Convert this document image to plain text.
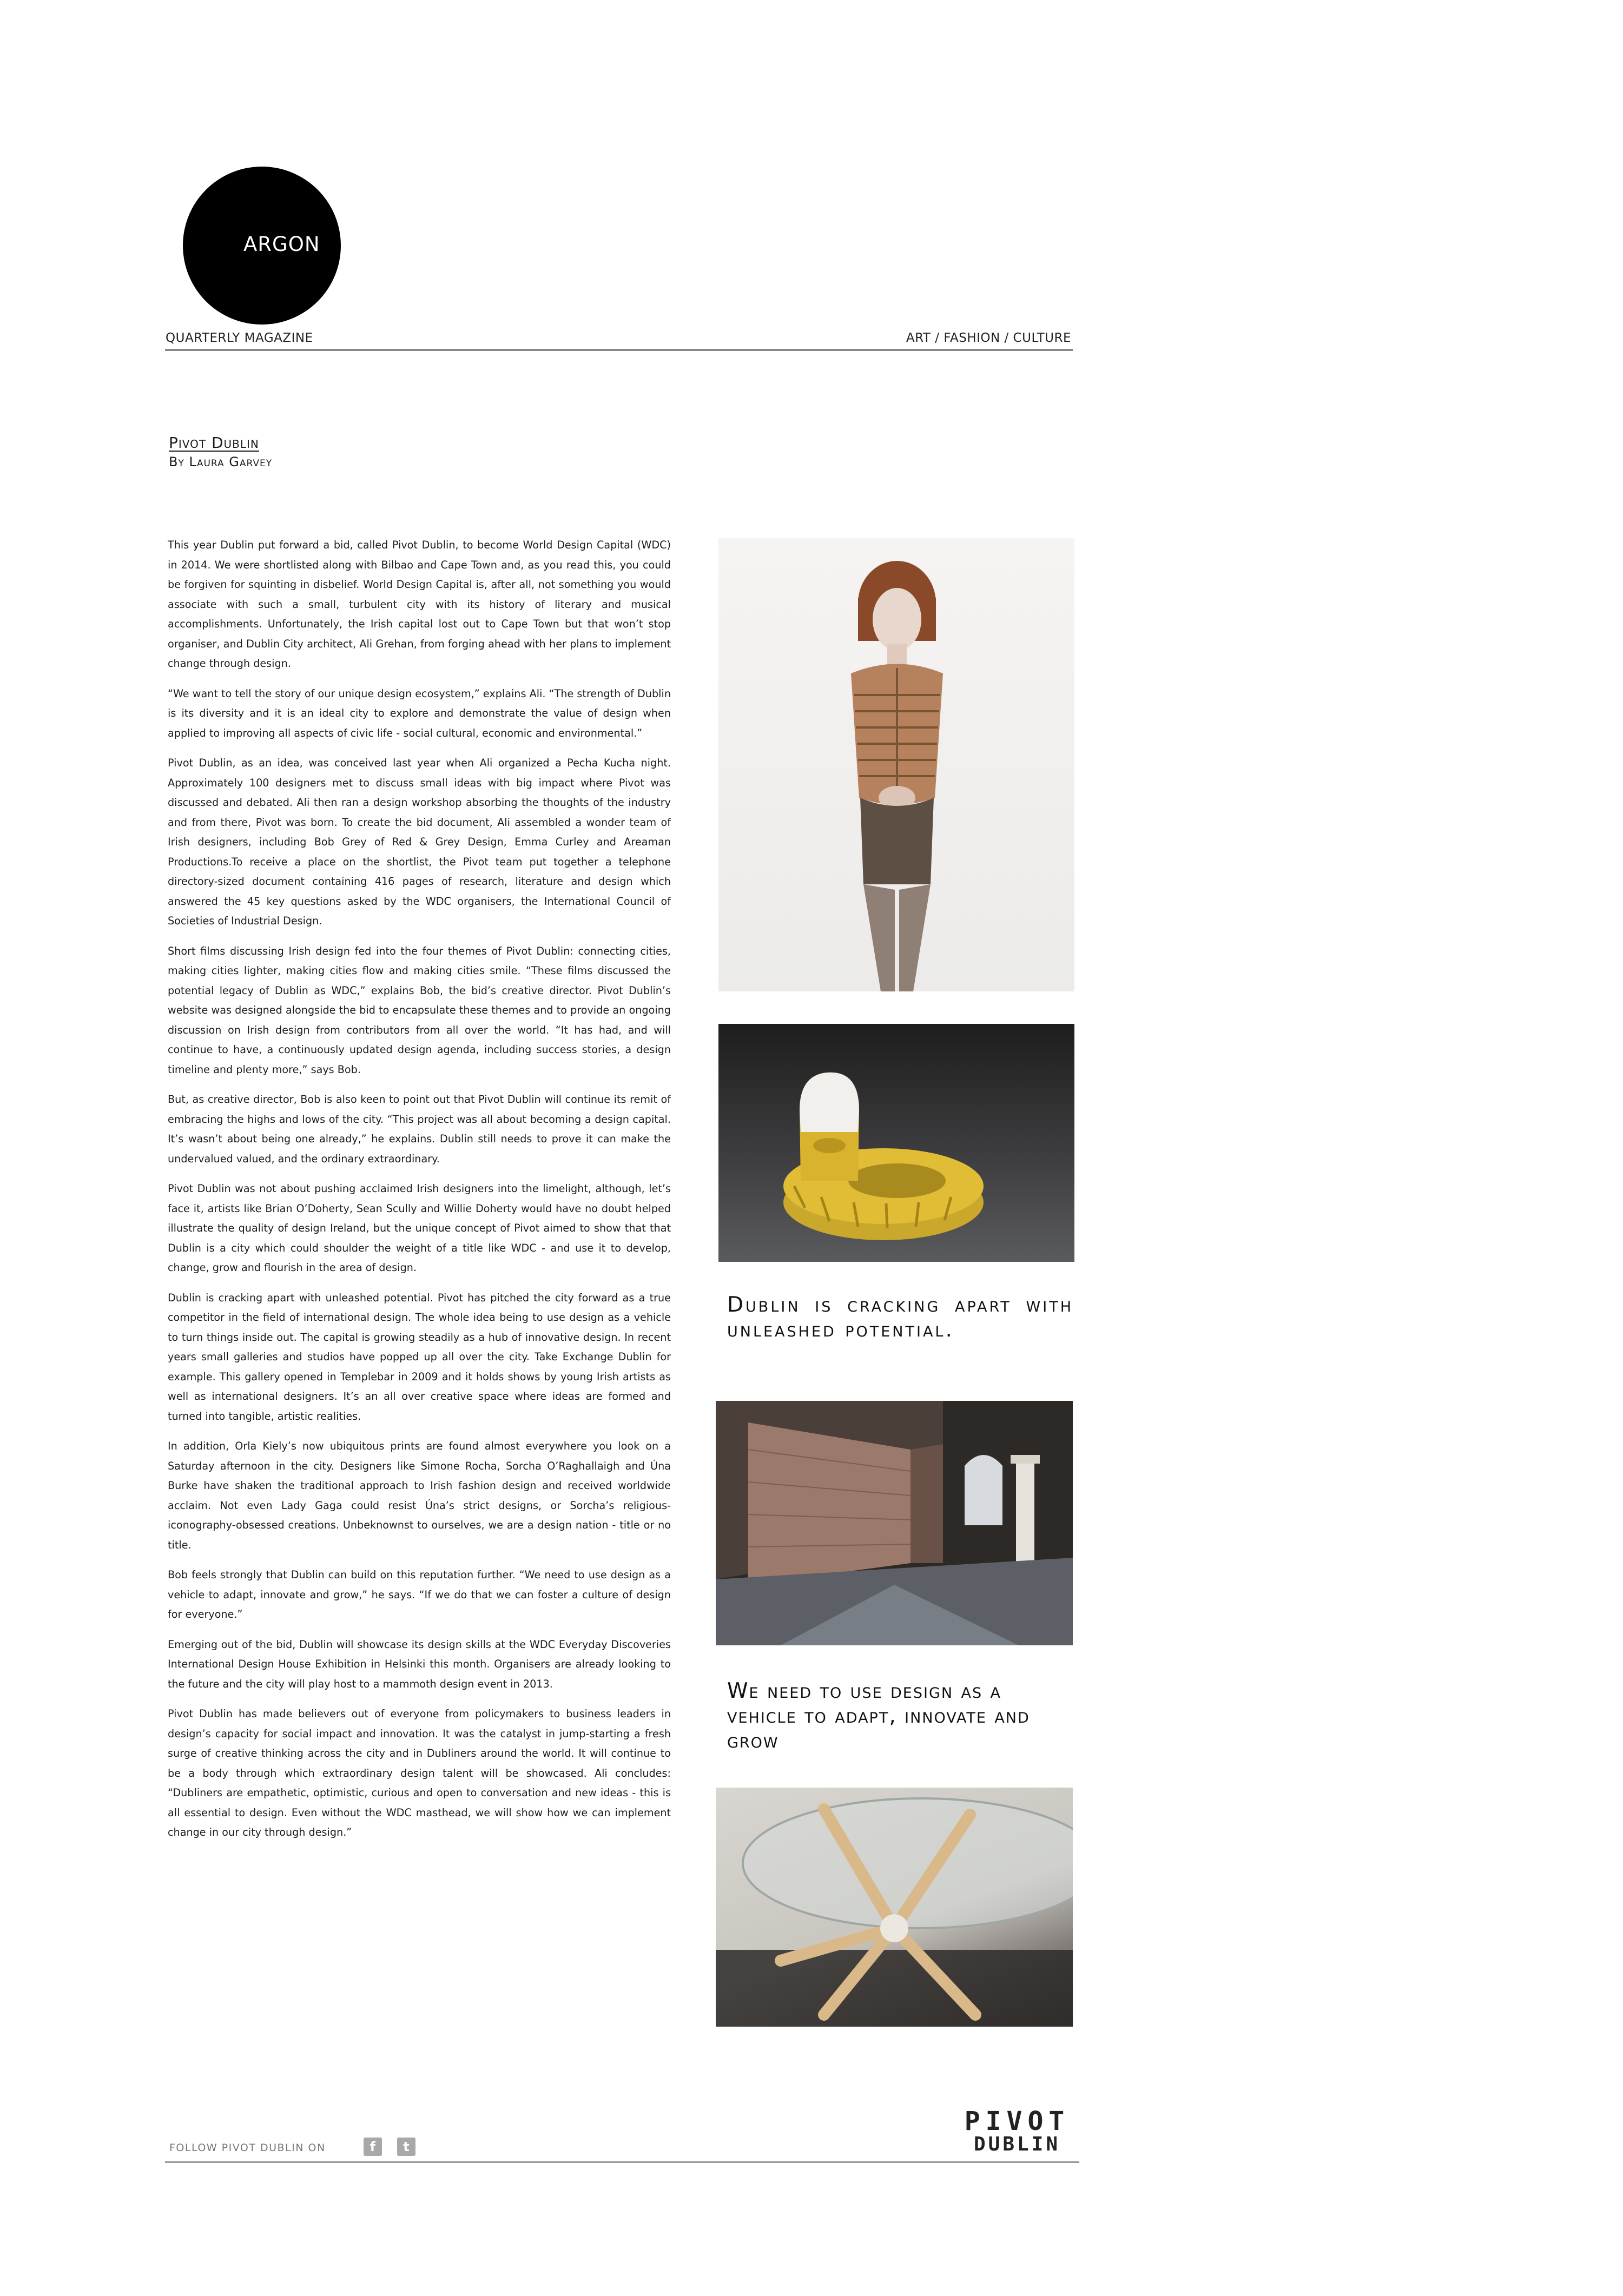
ARGON
QUARTERLY MAGAZINE	ART / FASHION / CULTURE
Pivot Dublin
By Laura Garvey

This year Dublin put forward a bid, called Pivot Dublin, to become World Design Capital (WDC) in 2014. We were shortlisted along with Bilbao and Cape Town and, as you read this, you could be forgiven for squinting in disbelief. World Design Capital is, after all, not something you would associate with such a small, turbulent city with its history of literary and musical accomplishments. Unfortunately, the Irish capital lost out to Cape Town but that won’t stop organiser, and Dublin City architect, Ali Grehan, from forging ahead with her plans to implement change through design.

“We want to tell the story of our unique design ecosystem,” explains Ali. “The strength of Dublin is its diversity and it is an ideal city to explore and demonstrate the value of design when applied to improving all aspects of civic life - social cultural, economic and environmental.”

Pivot Dublin, as an idea, was conceived last year when Ali organized a Pecha Kucha night. Approximately 100 designers met to discuss small ideas with big impact where Pivot was discussed and debated. Ali then ran a design workshop absorbing the thoughts of the industry and from there, Pivot was born. To create the bid document, Ali assembled a wonder team of Irish designers, including Bob Grey of Red & Grey Design, Emma Curley and Areaman Productions.To receive a place on the shortlist, the Pivot team put together a telephone directory-sized document containing 416 pages of research, literature and design which answered the 45 key questions asked by the WDC organisers, the International Council of Societies of Industrial Design.

Short films discussing Irish design fed into the four themes of Pivot Dublin: connecting cities, making cities lighter, making cities flow and making cities smile. “These films discussed the potential legacy of Dublin as WDC,” explains Bob, the bid’s creative director. Pivot Dublin’s website was designed alongside the bid to encapsulate these themes and to provide an ongoing discussion on Irish design from contributors from all over the world. “It has had, and will continue to have, a continuously updated design agenda, including success stories, a design timeline and plenty more,” says Bob.

But, as creative director, Bob is also keen to point out that Pivot Dublin will continue its remit of embracing the highs and lows of the city. “This project was all about becoming a design capital. It’s wasn’t about being one already,” he explains. Dublin still needs to prove it can make the undervalued valued, and the ordinary extraordinary.

Pivot Dublin was not about pushing acclaimed Irish designers into the limelight, although, let’s face it, artists like Brian O’Doherty, Sean Scully and Willie Doherty would have no doubt helped illustrate the quality of design Ireland, but the unique concept of Pivot aimed to show that that Dublin is a city which could shoulder the weight of a title like WDC - and use it to develop, change, grow and flourish in the area of design.

Dublin is cracking apart with unleashed potential. Pivot has pitched the city forward as a true competitor in the field of international design. The whole idea being to use design as a vehicle to turn things inside out. The capital is growing steadily as a hub of innovative design. In recent years small galleries and studios have popped up all over the city. Take Exchange Dublin for example. This gallery opened in Templebar in 2009 and it holds shows by young Irish artists as well as international designers. It’s an all over creative space where ideas are formed and turned into tangible, artistic realities.

In addition, Orla Kiely’s now ubiquitous prints are found almost everywhere you look on a Saturday afternoon in the city. Designers like Simone Rocha, Sorcha O’Raghallaigh and Úna Burke have shaken the traditional approach to Irish fashion design and received worldwide acclaim. Not even Lady Gaga could resist Úna’s strict designs, or Sorcha’s religious-iconography-obsessed creations. Unbeknownst to ourselves, we are a design nation - title or no title.

Bob feels strongly that Dublin can build on this reputation further. “We need to use design as a vehicle to adapt, innovate and grow,” he says. “If we do that we can foster a culture of design for everyone.”

Emerging out of the bid, Dublin will showcase its design skills at the WDC Everyday Discoveries International Design House Exhibition in Helsinki this month. Organisers are already looking to the future and the city will play host to a mammoth design event in 2013.

Pivot Dublin has made believers out of everyone from policymakers to business leaders in design’s capacity for social impact and innovation. It was the catalyst in jump-starting a fresh surge of creative thinking across the city and in Dubliners around the world. It will continue to be a body through which extraordinary design talent will be showcased. Ali concludes: “Dubliners are empathetic, optimistic, curious and open to conversation and new ideas - this is all essential to design. Even without the WDC masthead, we will show how we can implement change in our city through design.”

Dublin is cracking apart with unleashed potential.
We need to use design as a vehicle to adapt, innovate and grow
FOLLOW PIVOT DUBLIN ON	f	t
PIVOT
DUBLIN
